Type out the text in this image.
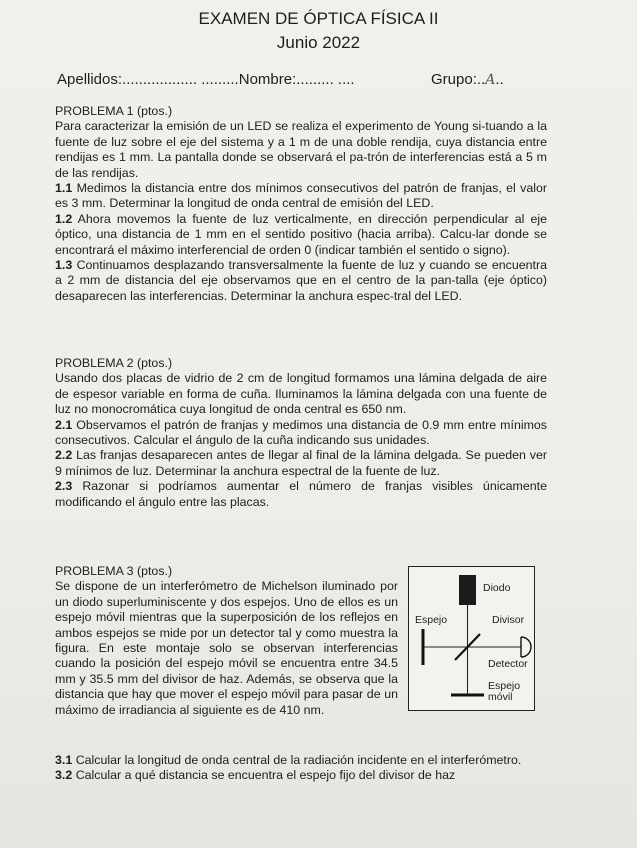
EXAMEN DE ÓPTICA FÍSICA II
Junio 2022
Apellidos:.................. .........Nombre:......... ....	Grupo:..A..
PROBLEMA 1 (ptos.)

Para caracterizar la emisión de un LED se realiza el experimento de Young si-tuando a la fuente de luz sobre el eje del sistema y a 1 m de una doble rendija, cuya distancia entre rendijas es 1 mm. La pantalla donde se observará el pa-trón de interferencias está a 5 m de las rendijas.

1.1 Medimos la distancia entre dos mínimos consecutivos del patrón de franjas, el valor es 3 mm. Determinar la longitud de onda central de emisión del LED.

1.2 Ahora movemos la fuente de luz verticalmente, en dirección perpendicular al eje óptico, una distancia de 1 mm en el sentido positivo (hacia arriba). Calcu-lar donde se encontrará el máximo interferencial de orden 0 (indicar también el sentido o signo).

1.3 Continuamos desplazando transversalmente la fuente de luz y cuando se encuentra a 2 mm de distancia del eje observamos que en el centro de la pan-talla (eje óptico) desaparecen las interferencias. Determinar la anchura espec-tral del LED.

PROBLEMA 2 (ptos.)

Usando dos placas de vidrio de 2 cm de longitud formamos una lámina delgada de aire de espesor variable en forma de cuña. Iluminamos la lámina delgada con una fuente de luz no monocromática cuya longitud de onda central es 650 nm.

2.1 Observamos el patrón de franjas y medimos una distancia de 0.9 mm entre mínimos consecutivos. Calcular el ángulo de la cuña indicando sus unidades.

2.2 Las franjas desaparecen antes de llegar al final de la lámina delgada. Se pueden ver 9 mínimos de luz. Determinar la anchura espectral de la fuente de luz.

2.3 Razonar si podríamos aumentar el número de franjas visibles únicamente modificando el ángulo entre las placas.

PROBLEMA 3 (ptos.)

Se dispone de un interferómetro de Michelson iluminado por un diodo superluminiscente y dos espejos. Uno de ellos es un espejo móvil mientras que la superposición de los reflejos en ambos espejos se mide por un detector tal y como muestra la figura. En este montaje solo se observan interferencias cuando la posición del espejo móvil se encuentra entre 34.5 mm y 35.5 mm del divisor de haz. Además, se observa que la distancia que hay que mover el espejo móvil para pasar de un máximo de irradiancia al siguiente es de 410 nm.

Diodo
Espejo	Divisor
Detector
Espejo
móvil

3.1 Calcular la longitud de onda central de la radiación incidente en el interferómetro.

3.2 Calcular a qué distancia se encuentra el espejo fijo del divisor de haz
